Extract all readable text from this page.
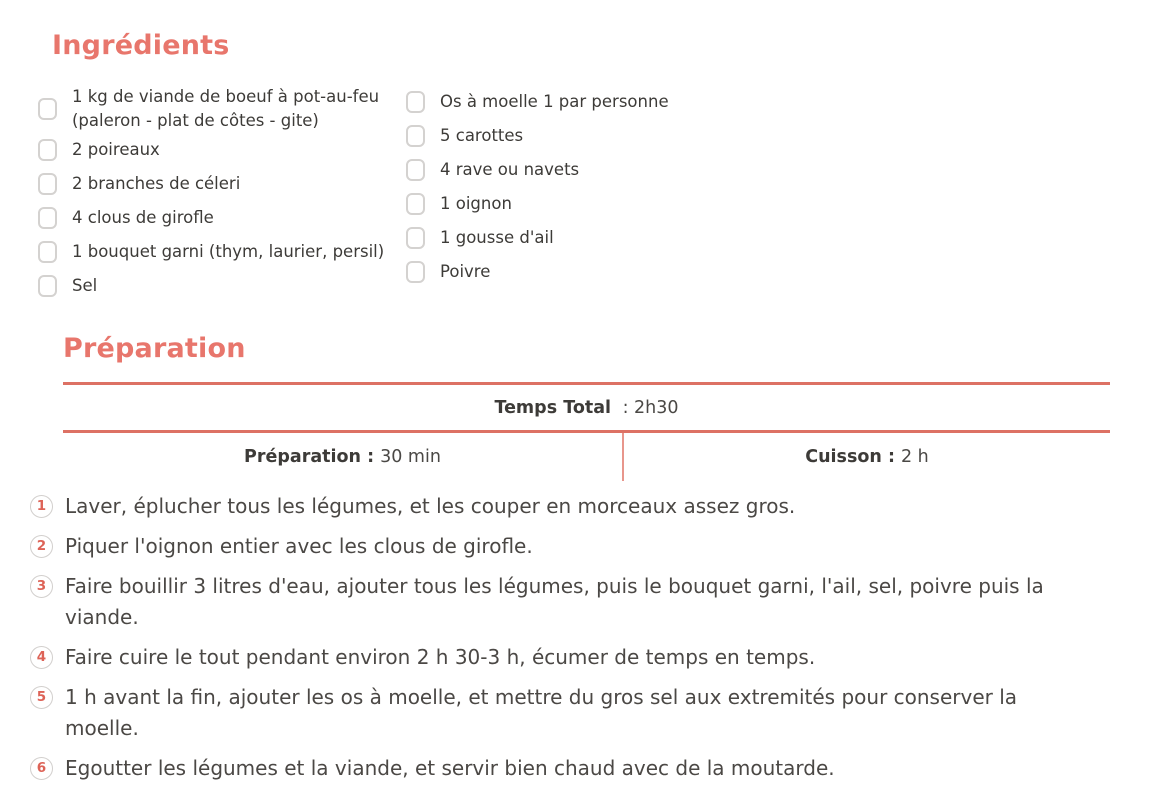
Ingrédients
1 kg de viande de boeuf à pot-au-feu (paleron - plat de côtes - gite)
2 poireaux
2 branches de céleri
4 clous de girofle
1 bouquet garni (thym, laurier, persil)
Sel
Os à moelle 1 par personne
5 carottes
4 rave ou navets
1 oignon
1 gousse d'ail
Poivre
Préparation
Temps Total : 2h30
Préparation : 30 min	Cuisson : 2 h
1 Laver, éplucher tous les légumes, et les couper en morceaux assez gros.
2 Piquer l'oignon entier avec les clous de girofle.
3 Faire bouillir 3 litres d'eau, ajouter tous les légumes, puis le bouquet garni, l'ail, sel, poivre puis la viande.
4 Faire cuire le tout pendant environ 2 h 30-3 h, écumer de temps en temps.
5 1 h avant la fin, ajouter les os à moelle, et mettre du gros sel aux extremités pour conserver la moelle.
6 Egoutter les légumes et la viande, et servir bien chaud avec de la moutarde.
